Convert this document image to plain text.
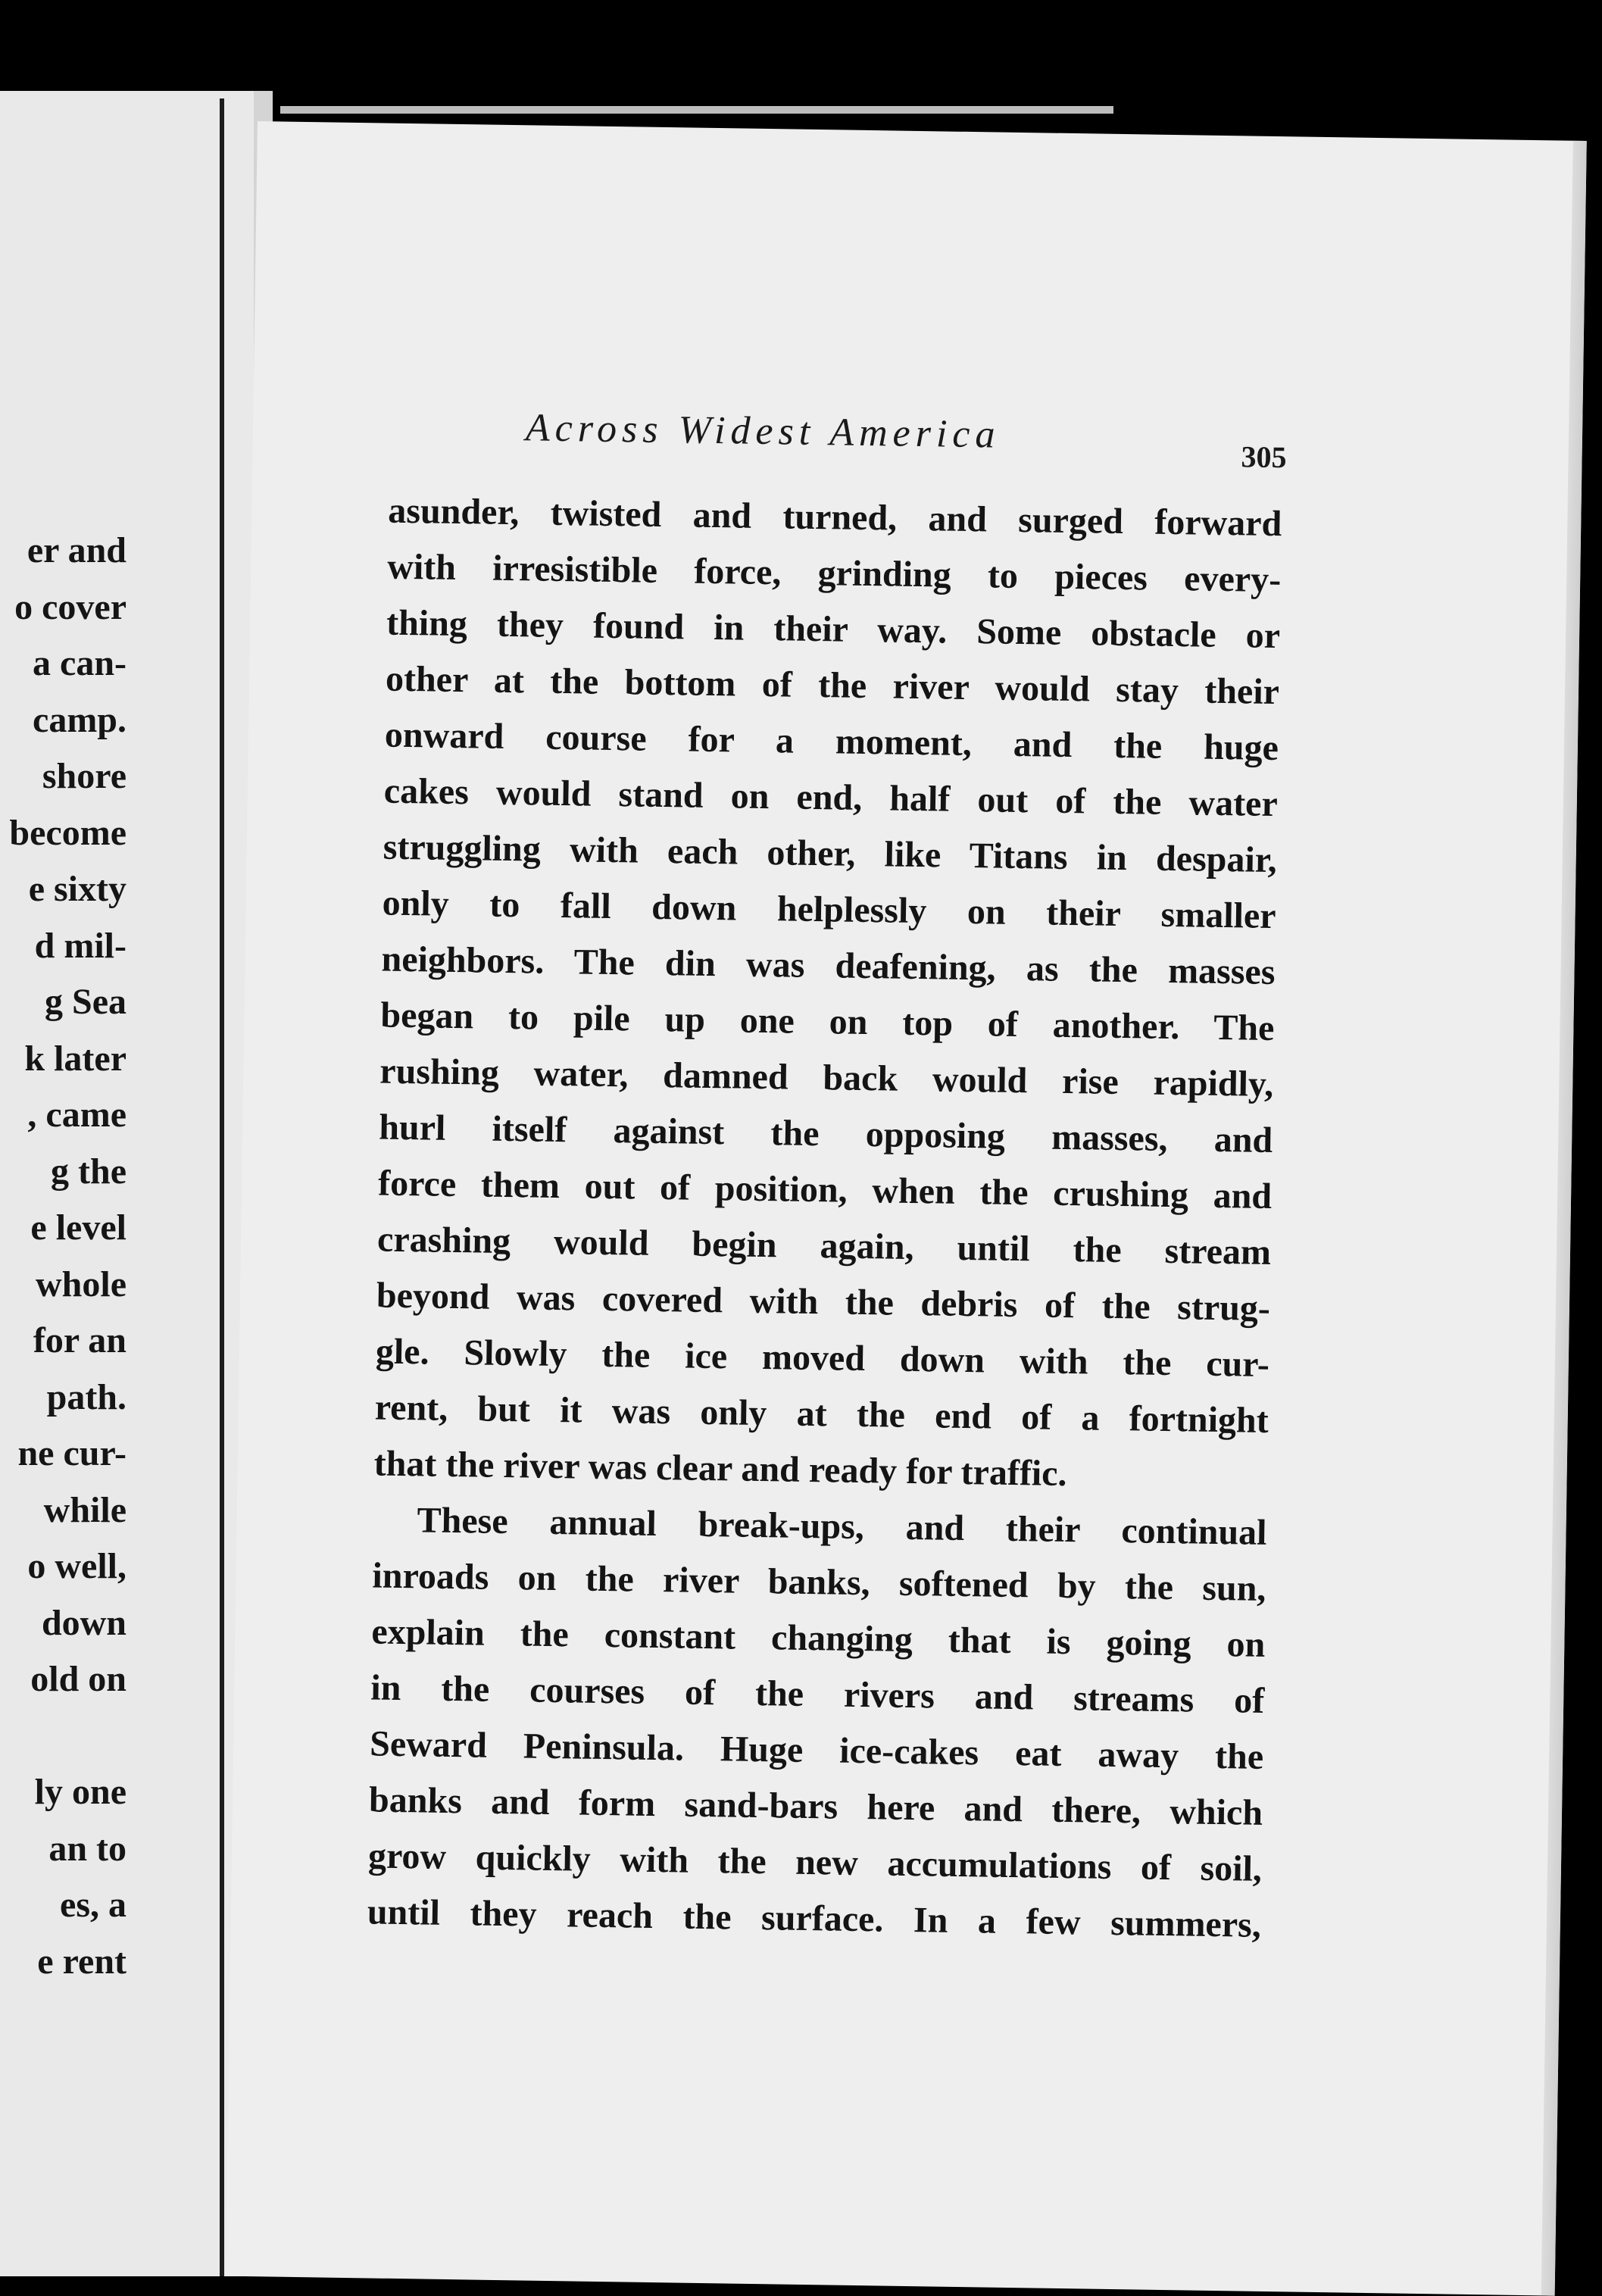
er and
o cover
a can-
camp.
shore
become
e sixty
d mil-
g Sea
k later
, came
g the
e level
whole
for an
path.
ne cur-
while
o well,
down
old on
ly one
an to
es, a
e rent
Across Widest America
305
asunder, twisted and turned, and surged forward
with irresistible force, grinding to pieces every-
thing they found in their way. Some obstacle or
other at the bottom of the river would stay their
onward course for a moment, and the huge
cakes would stand on end, half out of the water
struggling with each other, like Titans in despair,
only to fall down helplessly on their smaller
neighbors. The din was deafening, as the masses
began to pile up one on top of another. The
rushing water, damned back would rise rapidly,
hurl itself against the opposing masses, and
force them out of position, when the crushing and
crashing would begin again, until the stream
beyond was covered with the debris of the strug-
gle. Slowly the ice moved down with the cur-
rent, but it was only at the end of a fortnight
that the river was clear and ready for traffic.
These annual break-ups, and their continual
inroads on the river banks, softened by the sun,
explain the constant changing that is going on
in the courses of the rivers and streams of
Seward Peninsula. Huge ice-cakes eat away the
banks and form sand-bars here and there, which
grow quickly with the new accumulations of soil,
until they reach the surface. In a few summers,
